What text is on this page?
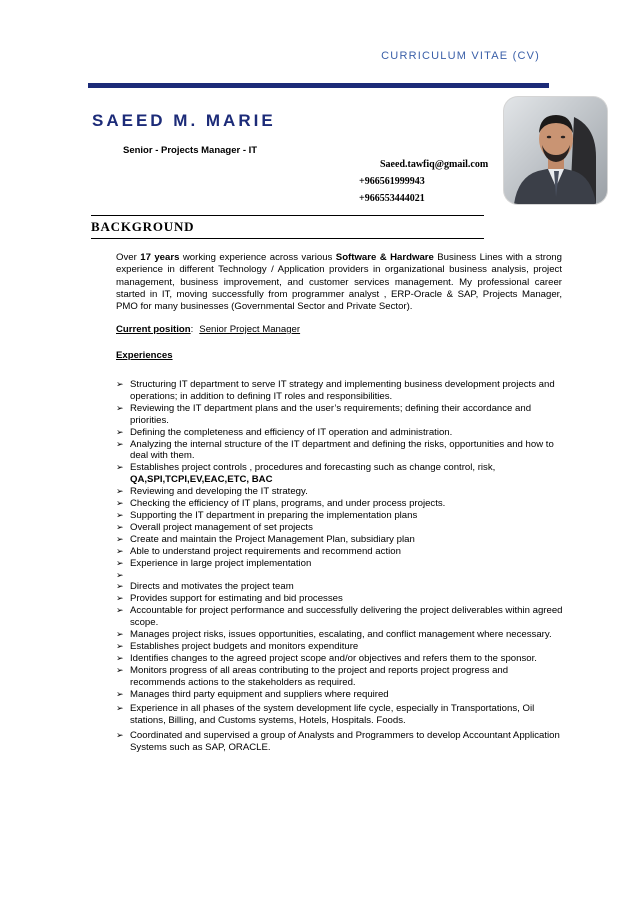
CURRICULUM VITAE (CV)
SAEED M. MARIE
Senior - Projects Manager - IT
Saeed.tawfiq@gmail.com
+966561999943
+966553444021
BACKGROUND
Over 17 years working experience across various Software & Hardware Business Lines with a strong experience in different Technology / Application providers in organizational business analysis, project management, business improvement, and customer services management. My professional career started in IT, moving successfully from programmer analyst , ERP-Oracle & SAP, Projects Manager, PMO for many businesses (Governmental Sector and Private Sector).
Current position: Senior Project Manager
Experiences
➢ Structuring IT department to serve IT strategy and implementing business development projects and operations; in addition to defining IT roles and responsibilities.
➢ Reviewing the IT department plans and the user’s requirements; defining their accordance and priorities.
➢ Defining the completeness and efficiency of IT operation and administration.
➢ Analyzing the internal structure of the IT department and defining the risks, opportunities and how to deal with them.
➢ Establishes project controls , procedures and forecasting such as change control, risk,
QA,SPI,TCPI,EV,EAC,ETC, BAC
➢ Reviewing and developing the IT strategy.
➢ Checking the efficiency of IT plans, programs, and under process projects.
➢ Supporting the IT department in preparing the implementation plans
➢ Overall project management of set projects
➢ Create and maintain the Project Management Plan, subsidiary plan
➢ Able to understand project requirements and recommend action
➢ Experience in large project implementation
➢

➢ Directs and motivates the project team
➢ Provides support for estimating and bid processes
➢ Accountable for project performance and successfully delivering the project deliverables within agreed scope.
➢ Manages project risks, issues opportunities, escalating, and conflict management where necessary.
➢ Establishes project budgets and monitors expenditure
➢ Identifies changes to the agreed project scope and/or objectives and refers them to the sponsor.
➢ Monitors progress of all areas contributing to the project and reports project progress and recommends actions to the stakeholders as required.
➢ Manages third party equipment and suppliers where required
➢ Experience in all phases of the system development life cycle, especially in Transportations, Oil stations, Billing, and Customs systems, Hotels, Hospitals. Foods.
➢ Coordinated and supervised a group of Analysts and Programmers to develop Accountant Application Systems such as SAP, ORACLE.
